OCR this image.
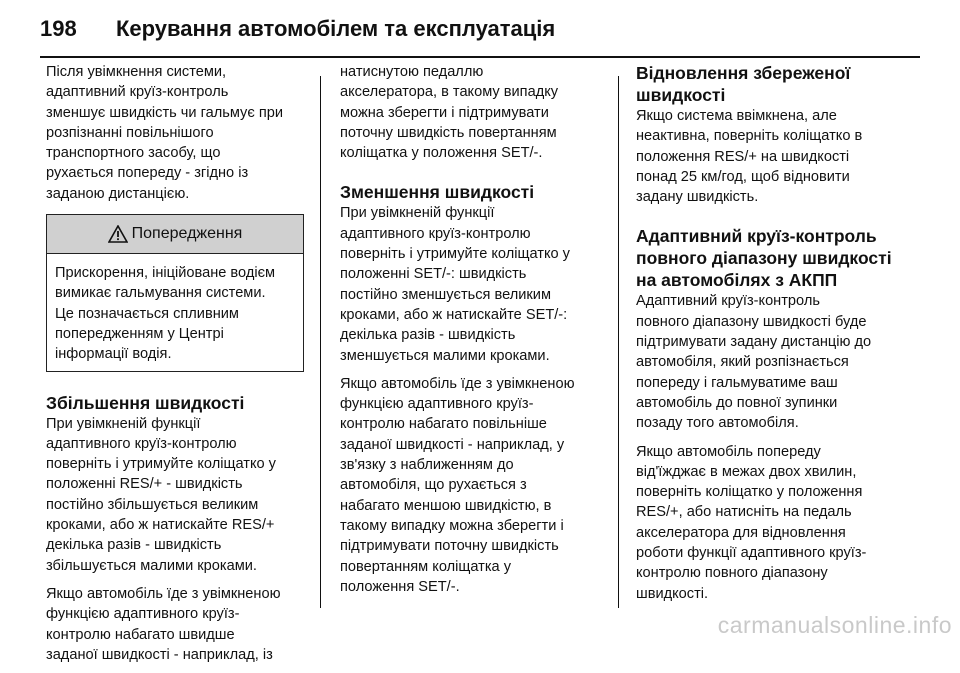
198	Керування автомобілем та експлуатація

Після увімкнення системи,
адаптивний круїз-контроль
зменшує швидкість чи гальмує при
розпізнанні повільнішого
транспортного засобу, що
рухається попереду - згідно із
заданою дистанцією.

Попередження
Прискорення, ініційоване водієм
вимикає гальмування системи.
Це позначається спливним
попередженням у Центрі
інформації водія.
Збільшення швидкості

При увімкненій функції
адаптивного круїз-контролю
поверніть і утримуйте коліщатко у
положенні RES/+ - швидкість
постійно збільшується великим
кроками, або ж натискайте RES/+
декілька разів - швидкість
збільшується малими кроками.

Якщо автомобіль їде з увімкненою
функцією адаптивного круїз-
контролю набагато швидше
заданої швидкості - наприклад, із

натиснутою педаллю
акселератора, в такому випадку
можна зберегти і підтримувати
поточну швидкість повертанням
коліщатка у положення SET/-.

Зменшення швидкості

При увімкненій функції
адаптивного круїз-контролю
поверніть і утримуйте коліщатко у
положенні SET/-: швидкість
постійно зменшується великим
кроками, або ж натискайте SET/-:
декілька разів - швидкість
зменшується малими кроками.

Якщо автомобіль їде з увімкненою
функцією адаптивного круїз-
контролю набагато повільніше
заданої швидкості - наприклад, у
зв'язку з наближенням до
автомобіля, що рухається з
набагато меншою швидкістю, в
такому випадку можна зберегти і
підтримувати поточну швидкість
повертанням коліщатка у
положення SET/-.

Відновлення збереженої
швидкості

Якщо система ввімкнена, але
неактивна, поверніть коліщатко в
положення RES/+ на швидкості
понад 25 км/год, щоб відновити
задану швидкість.

Адаптивний круїз-контроль
повного діапазону швидкості
на автомобілях з АКПП

Адаптивний круїз-контроль
повного діапазону швидкості буде
підтримувати задану дистанцію до
автомобіля, який розпізнається
попереду і гальмуватиме ваш
автомобіль до повної зупинки
позаду того автомобіля.

Якщо автомобіль попереду
від'їжджає в межах двох хвилин,
поверніть коліщатко у положення
RES/+, або натисніть на педаль
акселератора для відновлення
роботи функції адаптивного круїз-
контролю повного діапазону
швидкості.

carmanualsonline.info
